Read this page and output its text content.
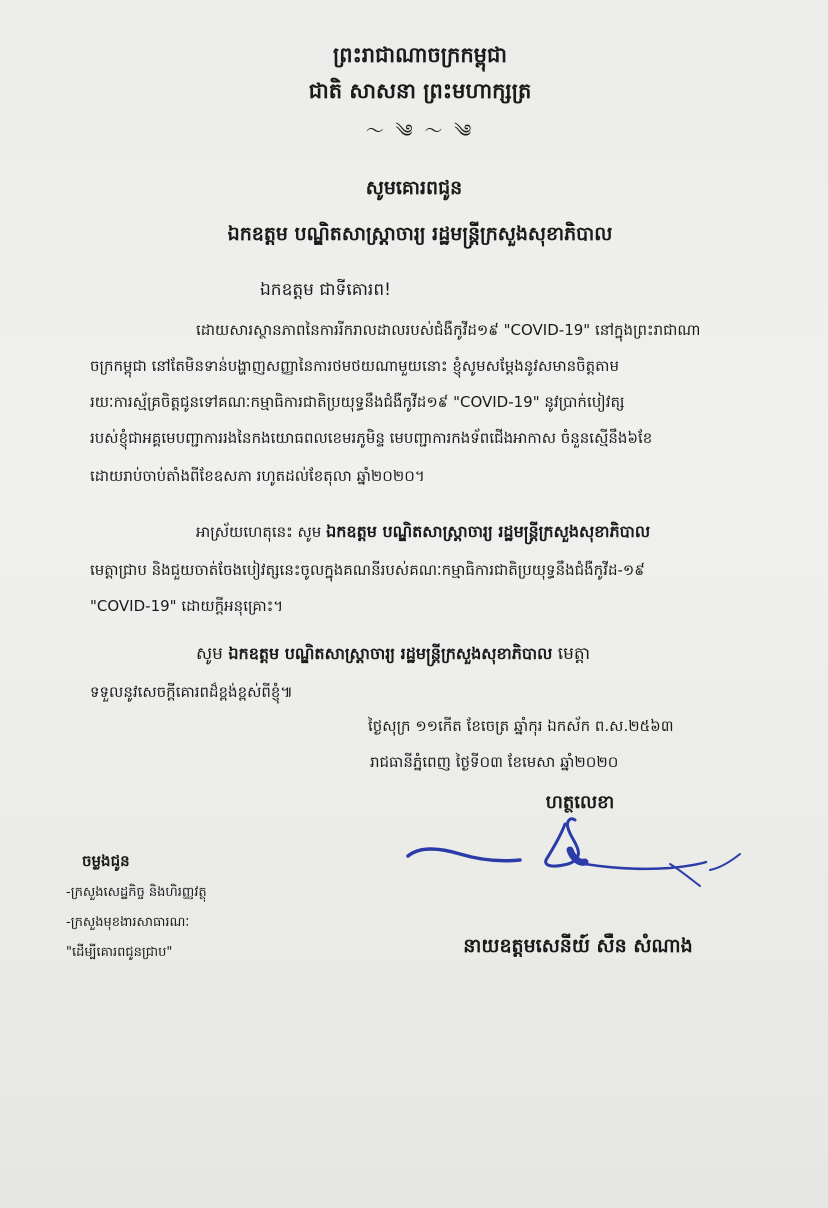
ព្រះរាជាណាចក្រកម្ពុជា
ជាតិ សាសនា ព្រះមហាក្សត្រ
〜 ༄ 〜 ༄
សូមគោរពជូន
ឯកឧត្តម បណ្ឌិតសាស្ត្រាចារ្យ រដ្ឋមន្ត្រីក្រសួងសុខាភិបាល
ឯកឧត្តម ជាទីគោរព!
ដោយសារស្ថានភាពនៃការរីករាលដាលរបស់ជំងឺកូវីដ១៩ "COVID-19" នៅក្នុងព្រះរាជាណា
ចក្រកម្ពុជា នៅតែមិនទាន់បង្ហាញសញ្ញានៃការថមថយណាមួយនោះ ខ្ញុំសូមសម្ដែងនូវសមានចិត្តតាម
រយៈការស្ម័គ្រចិត្តជូនទៅគណៈកម្មាធិការជាតិប្រយុទ្ធនឹងជំងឺកូវីដ១៩ "COVID-19" នូវប្រាក់បៀវត្ស
របស់ខ្ញុំជាអគ្គមេបញ្ជាការរងនៃកងយោធពលខេមរភូមិន្ទ មេបញ្ជាការកងទ័ពជើងអាកាស ចំនួនស្មើនឹង៦ខែ
ដោយរាប់ចាប់តាំងពីខែឧសភា រហូតដល់ខែតុលា ឆ្នាំ២០២០។
អាស្រ័យហេតុនេះ សូម ឯកឧត្តម បណ្ឌិតសាស្ត្រាចារ្យ រដ្ឋមន្ត្រីក្រសួងសុខាភិបាល
មេត្តាជ្រាប និងជួយចាត់ចែងបៀវត្សនេះចូលក្នុងគណនីរបស់គណៈកម្មាធិការជាតិប្រយុទ្ធនឹងជំងឺកូវីដ-១៩
"COVID-19" ដោយក្ដីអនុគ្រោះ។
សូម ឯកឧត្តម បណ្ឌិតសាស្ត្រាចារ្យ រដ្ឋមន្ត្រីក្រសួងសុខាភិបាល មេត្តា
ទទួលនូវសេចក្ដីគោរពដ៏ខ្ពង់ខ្ពស់ពីខ្ញុំ៕
ថ្ងៃសុក្រ ១១កើត ខែចេត្រ ឆ្នាំកុរ ឯកស័ក ព.ស.២៥៦៣
រាជធានីភ្នំពេញ ថ្ងៃទី០៣ ខែមេសា ឆ្នាំ២០២០
ហត្ថលេខា
នាយឧត្តមសេនីយ៍ សឺន សំណាង
ចម្លងជូន
-ក្រសួងសេដ្ឋកិច្ច និងហិរញ្ញវត្ថុ
-ក្រសួងមុខងារសាធារណៈ
"ដើម្បីគោរពជូនជ្រាប"
